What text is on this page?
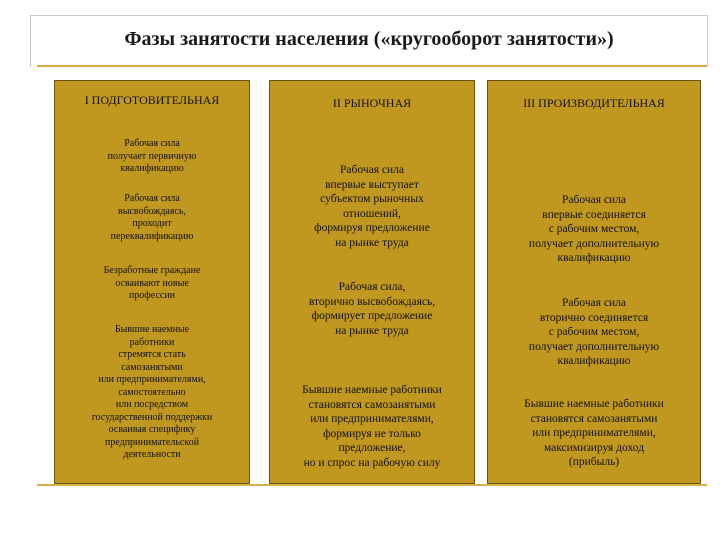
Фазы занятости населения («кругооборот занятости»)
I ПОДГОТОВИТЕЛЬНАЯ
Рабочая сила
получает первичную
квалификацию
Рабочая сила
высвобождаясь,
проходит
переквалификацию
Безработные граждане
осваивают новые
профессии
Бывшие наемные
работники
стремятся стать
самозанятыми
или предпринимателями,
самостоятельно
или посредством
государственной поддержки
осваивая специфику
предпринимательской
деятельности
II РЫНОЧНАЯ
Рабочая сила
впервые выступает
субъектом рыночных
отношений,
формируя предложение
на рынке труда
Рабочая сила,
вторично высвобождаясь,
формирует предложение
на рынке труда
Бывшие наемные работники
становятся самозанятыми
или предпринимателями,
формируя не только
предложение,
но и спрос на рабочую силу
III ПРОИЗВОДИТЕЛЬНАЯ
Рабочая сила
впервые соединяется
с рабочим местом,
получает дополнительную
квалификацию
Рабочая сила
вторично соединяется
с рабочим местом,
получает дополнительную
квалификацию
Бывшие наемные работники
становятся самозанятыми
или предпринимателями,
максимизируя доход
(прибыль)
